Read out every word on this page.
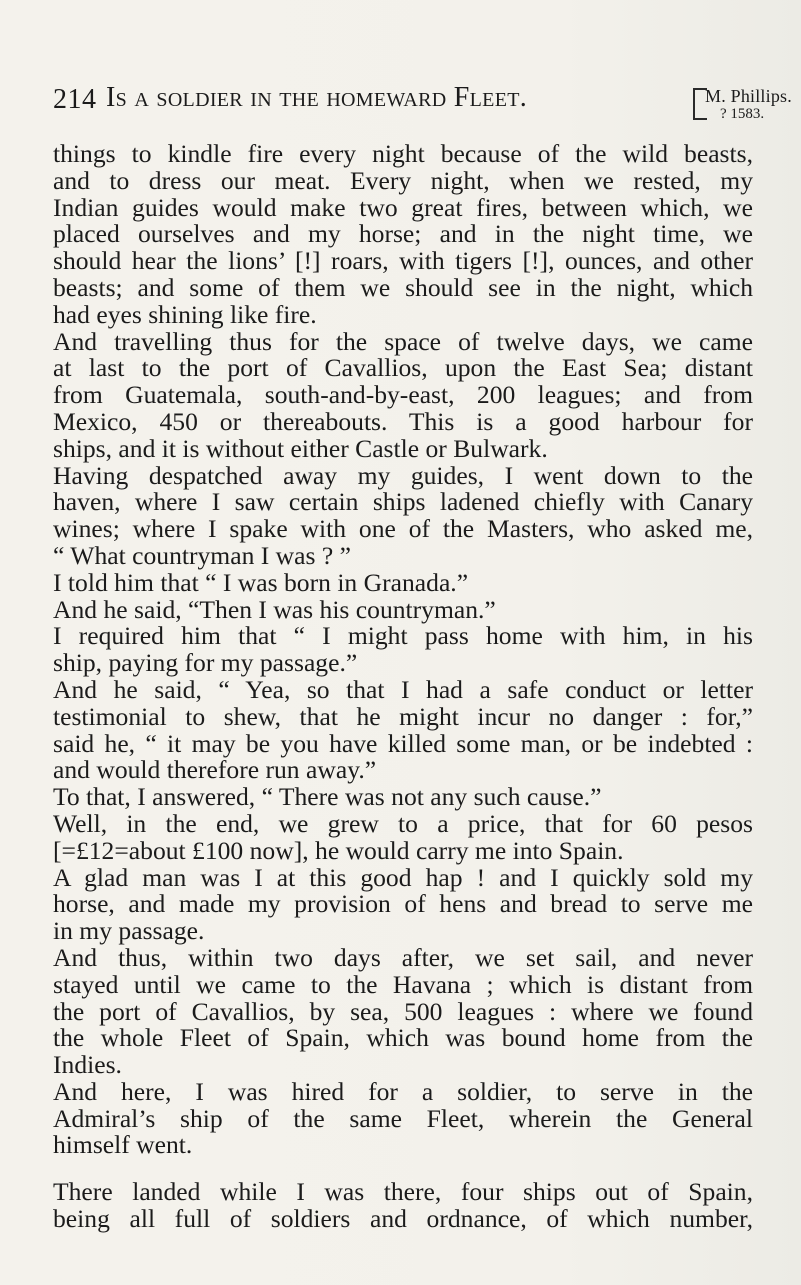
214 Is a soldier in the homeward Fleet.	M. Phillips.
? 1583.
things to kindle fire every night because of the wild beasts,
and to dress our meat. Every night, when we rested, my
Indian guides would make two great fires, between which, we
placed ourselves and my horse; and in the night time, we
should hear the lions’ [!] roars, with tigers [!], ounces, and other
beasts; and some of them we should see in the night, which
had eyes shining like fire.
And travelling thus for the space of twelve days, we came
at last to the port of Cavallios, upon the East Sea; distant
from Guatemala, south-and-by-east, 200 leagues; and from
Mexico, 450 or thereabouts. This is a good harbour for
ships, and it is without either Castle or Bulwark.
Having despatched away my guides, I went down to the
haven, where I saw certain ships ladened chiefly with Canary
wines; where I spake with one of the Masters, who asked me,
“ What countryman I was ? ”
I told him that “ I was born in Granada.”
And he said, “Then I was his countryman.”
I required him that “ I might pass home with him, in his
ship, paying for my passage.”
And he said, “ Yea, so that I had a safe conduct or letter
testimonial to shew, that he might incur no danger : for,”
said he, “ it may be you have killed some man, or be indebted :
and would therefore run away.”
To that, I answered, “ There was not any such cause.”
Well, in the end, we grew to a price, that for 60 pesos
[=£12=about £100 now], he would carry me into Spain.
A glad man was I at this good hap ! and I quickly sold my
horse, and made my provision of hens and bread to serve me
in my passage.
And thus, within two days after, we set sail, and never
stayed until we came to the Havana ; which is distant from
the port of Cavallios, by sea, 500 leagues : where we found
the whole Fleet of Spain, which was bound home from the
Indies.
And here, I was hired for a soldier, to serve in the
Admiral’s ship of the same Fleet, wherein the General
himself went.
There landed while I was there, four ships out of Spain,
being all full of soldiers and ordnance, of which number,
